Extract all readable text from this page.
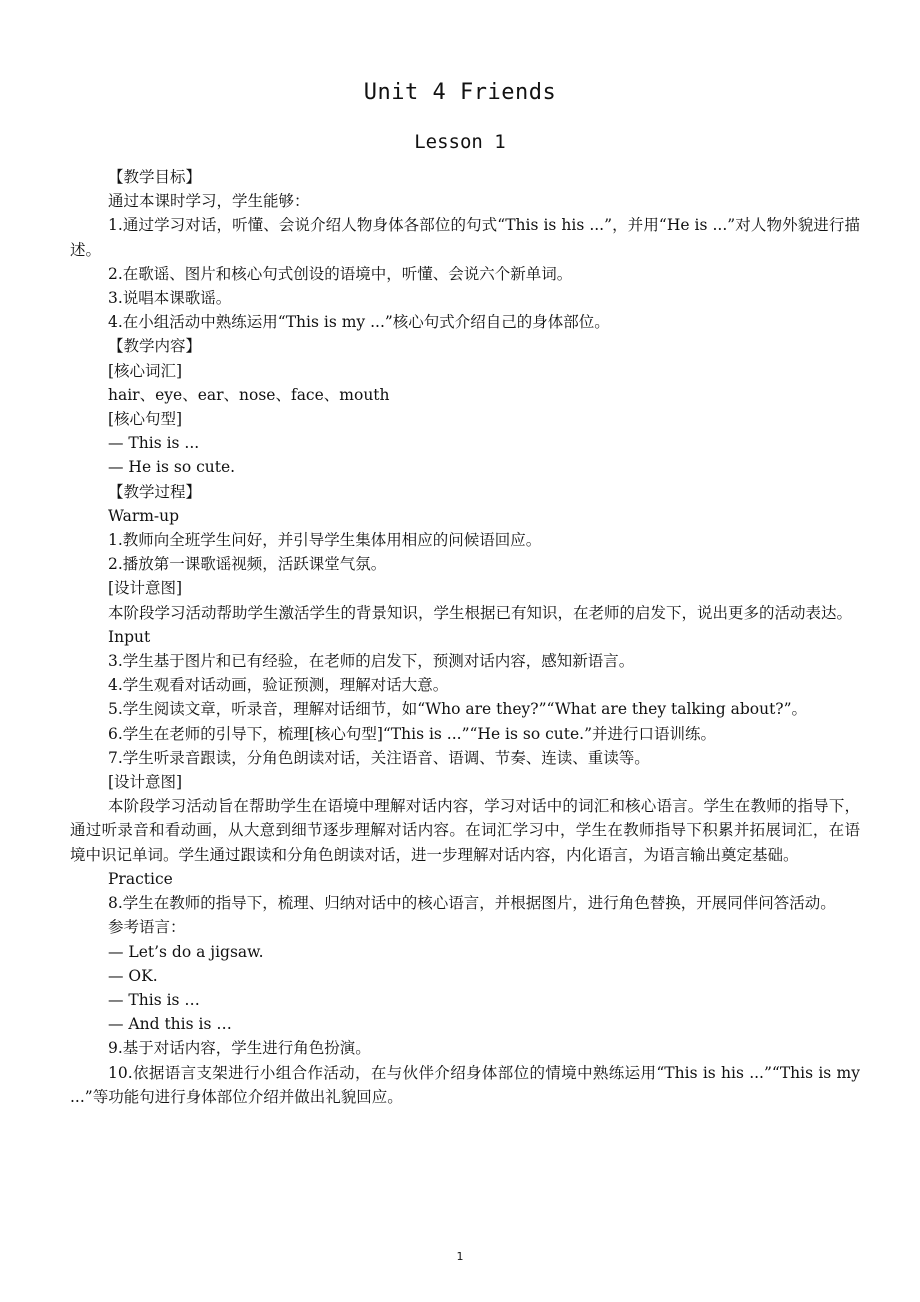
Unit 4 Friends
Lesson 1

【教学目标】

通过本课时学习，学生能够：

1.通过学习对话，听懂、会说介绍人物身体各部位的句式“This is his ...”，并用“He is ...”对人物外貌进行描述。

2.在歌谣、图片和核心句式创设的语境中，听懂、会说六个新单词。

3.说唱本课歌谣。

4.在小组活动中熟练运用“This is my ...”核心句式介绍自己的身体部位。

【教学内容】

[核心词汇]

hair、eye、ear、nose、face、mouth

[核心句型]

— This is ...

— He is so cute.

【教学过程】

Warm-up

1.教师向全班学生问好，并引导学生集体用相应的问候语回应。

2.播放第一课歌谣视频，活跃课堂气氛。

[设计意图]

本阶段学习活动帮助学生激活学生的背景知识，学生根据已有知识，在老师的启发下，说出更多的活动表达。

Input

3.学生基于图片和已有经验，在老师的启发下，预测对话内容，感知新语言。

4.学生观看对话动画，验证预测，理解对话大意。

5.学生阅读文章，听录音，理解对话细节，如“Who are they?”“What are they talking about?”。

6.学生在老师的引导下，梳理[核心句型]“This is ...”“He is so cute.”并进行口语训练。

7.学生听录音跟读，分角色朗读对话，关注语音、语调、节奏、连读、重读等。

[设计意图]

本阶段学习活动旨在帮助学生在语境中理解对话内容，学习对话中的词汇和核心语言。学生在教师的指导下，通过听录音和看动画，从大意到细节逐步理解对话内容。在词汇学习中，学生在教师指导下积累并拓展词汇，在语境中识记单词。学生通过跟读和分角色朗读对话，进一步理解对话内容，内化语言，为语言输出奠定基础。

Practice

8.学生在教师的指导下，梳理、归纳对话中的核心语言，并根据图片，进行角色替换，开展同伴问答活动。

参考语言：

— Let’s do a jigsaw.

— OK.

— This is …

— And this is …

9.基于对话内容，学生进行角色扮演。

10.依据语言支架进行小组合作活动，在与伙伴介绍身体部位的情境中熟练运用“This is his ...”“This is my ...”等功能句进行身体部位介绍并做出礼貌回应。

1
